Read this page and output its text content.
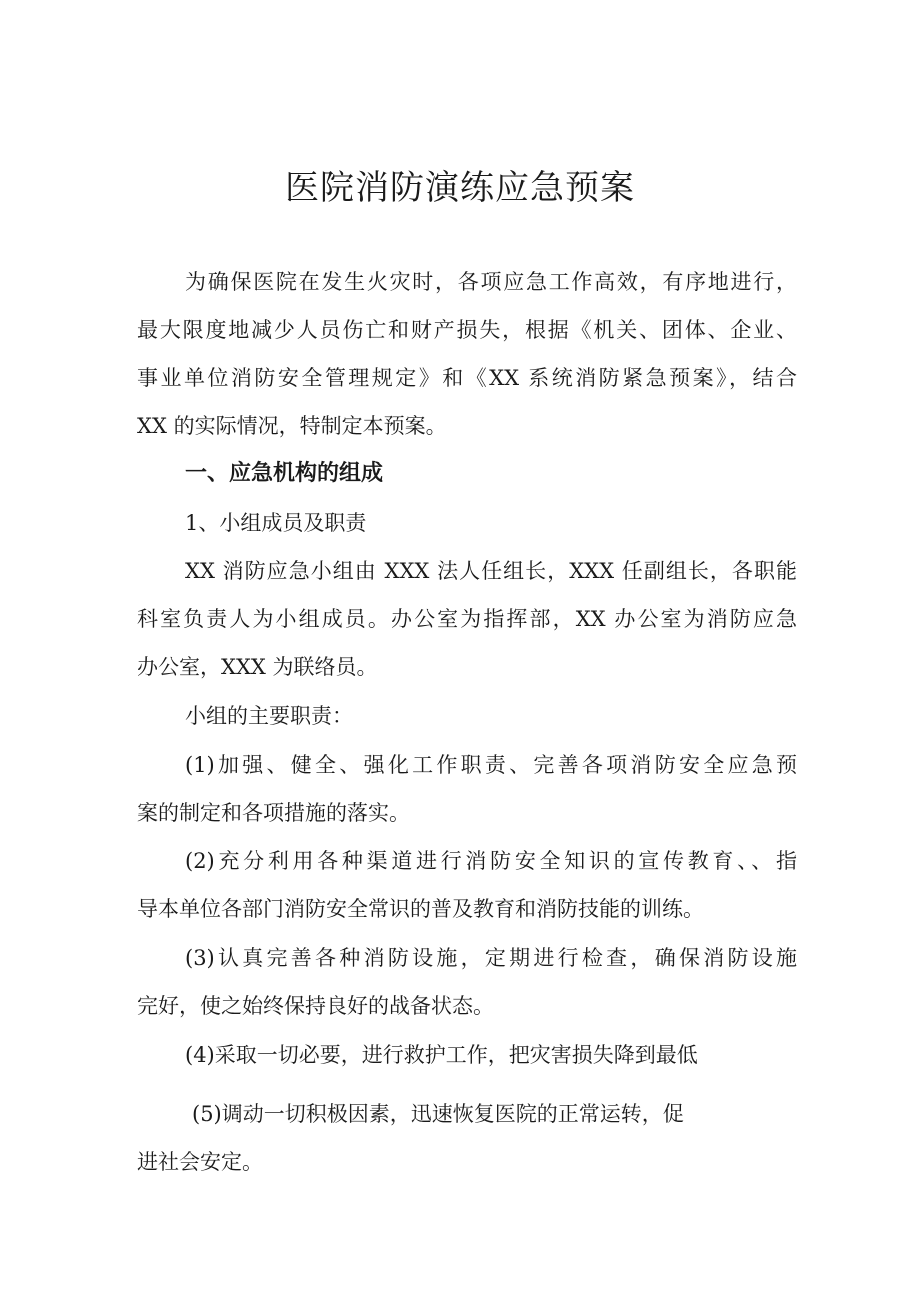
医院消防演练应急预案

为确保医院在发生火灾时，各项应急工作高效，有序地进行，

最大限度地减少人员伤亡和财产损失，根据《机关、团体、企业、

事业单位消防安全管理规定》和《XX 系统消防紧急预案》，结合

XX 的实际情况，特制定本预案。

一、应急机构的组成

1、小组成员及职责

XX 消防应急小组由 XXX 法人任组长，XXX 任副组长，各职能

科室负责人为小组成员。办公室为指挥部，XX 办公室为消防应急

办公室，XXX 为联络员。

小组的主要职责：

(1)加强、健全、强化工作职责、完善各项消防安全应急预

案的制定和各项措施的落实。

(2)充分利用各种渠道进行消防安全知识的宣传教育、、指

导本单位各部门消防安全常识的普及教育和消防技能的训练。

(3)认真完善各种消防设施，定期进行检查，确保消防设施

完好，使之始终保持良好的战备状态。

(4)采取一切必要，进行救护工作，把灾害损失降到最低

(5)调动一切积极因素，迅速恢复医院的正常运转，促

进社会安定。
